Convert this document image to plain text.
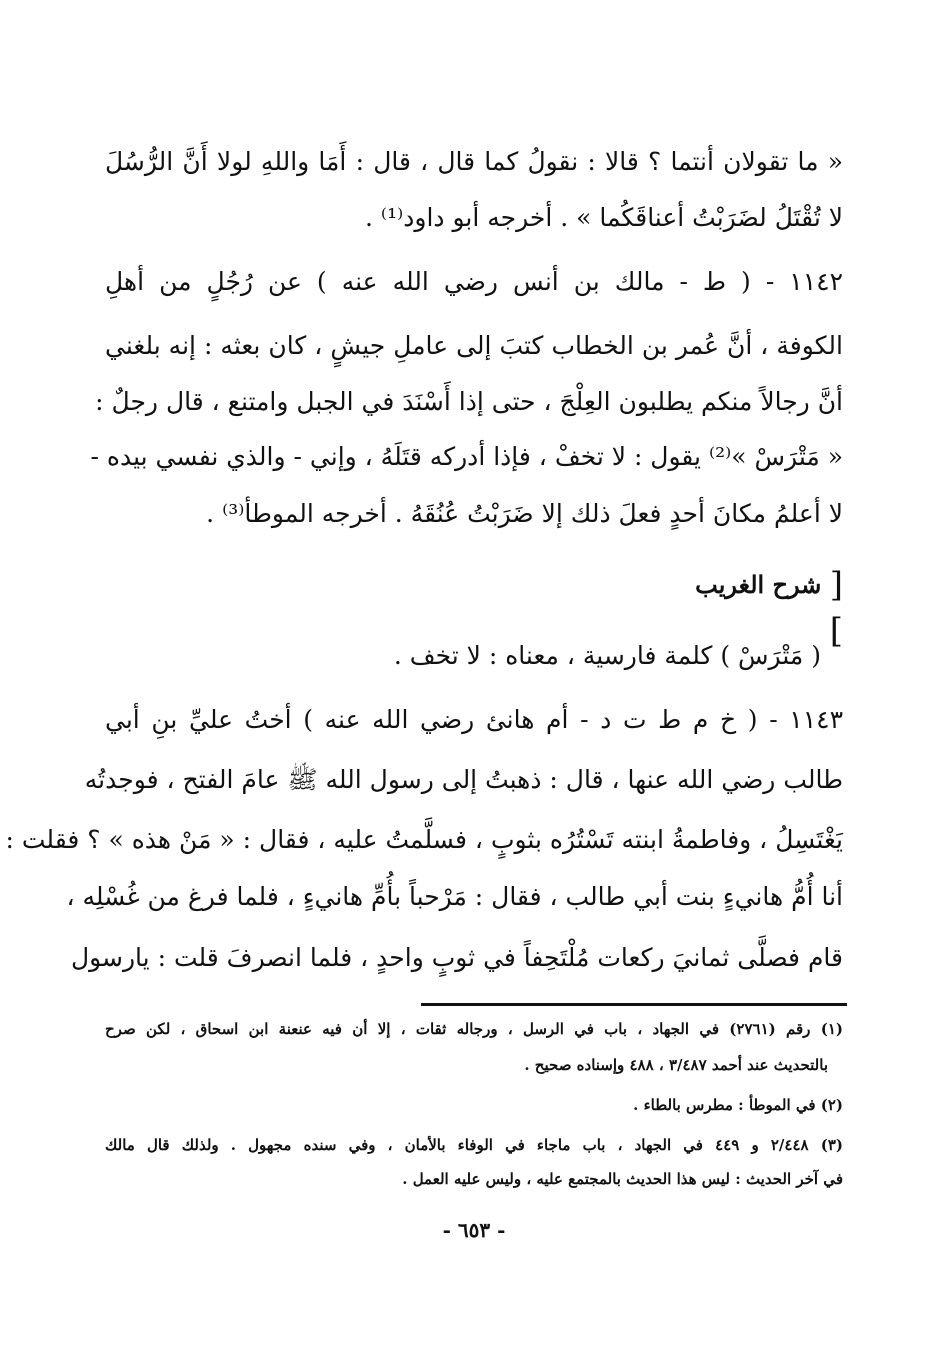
« ما تقولان أنتما ؟ قالا : نقولُ كما قال ، قال : أَمَا واللهِ لولا أَنَّ الرُّسُلَ
لا تُقْتَلُ لضَرَبْتُ أعناقَكُما » . أخرجه أبو داود⁽¹⁾ .
١١٤٢ - ( ط - مالك بن أنس رضي الله عنه ) عن رُجُلٍ من أهلِ
الكوفة ، أنَّ عُمر بن الخطاب كتبَ إلى عاملِ جيشٍ ، كان بعثه : إنه بلغني
أنَّ رجالاً منكم يطلبون العِلْجَ ، حتى إذا أَسْنَدَ في الجبل وامتنع ، قال رجلٌ :
« مَتْرَسْ »⁽²⁾ يقول : لا تخفْ ، فإذا أدركه قتَلَهُ ، وإني - والذي نفسي بيده -
لا أعلمُ مكانَ أحدٍ فعلَ ذلك إلا ضَرَبْتُ عُنُقَهُ . أخرجه الموطأ⁽³⁾ .
[ شرح الغريب ]
( مَتْرَسْ ) كلمة فارسية ، معناه : لا تخف .
١١٤٣ - ( خ م ط ت د - أم هانئ رضي الله عنه ) أختُ عليِّ بنِ أبي
طالب رضي الله عنها ، قال : ذهبتُ إلى رسول الله ﷺ عامَ الفتح ، فوجدتُه
يَغْتَسِلُ ، وفاطمةُ ابنته تَسْتُرُه بثوبٍ ، فسلَّمتُ عليه ، فقال : « مَنْ هذه » ؟ فقلت :
أنا أُمُّ هانيءٍ بنت أبي طالب ، فقال : مَرْحباً بأُمِّ هانيءٍ ، فلما فرغ من غُسْلِه ،
قام فصلَّى ثمانيَ ركعات مُلْتَحِفاً في ثوبٍ واحدٍ ، فلما انصرفَ قلت : يارسول
(١) رقم (٢٧٦١) في الجهاد ، باب في الرسل ، ورجاله ثقات ، إلا أن فيه عنعنة ابن اسحاق ، لكن صرح
بالتحديث عند أحمد ٣/٤٨٧ ، ٤٨٨ وإسناده صحيح .
(٢) في الموطأ : مطرس بالطاء .
(٣) ٢/٤٤٨ و ٤٤٩ في الجهاد ، باب ماجاء في الوفاء بالأمان ، وفي سنده مجهول . ولذلك قال مالك
في آخر الحديث : ليس هذا الحديث بالمجتمع عليه ، وليس عليه العمل .
- ٦٥٣ -
